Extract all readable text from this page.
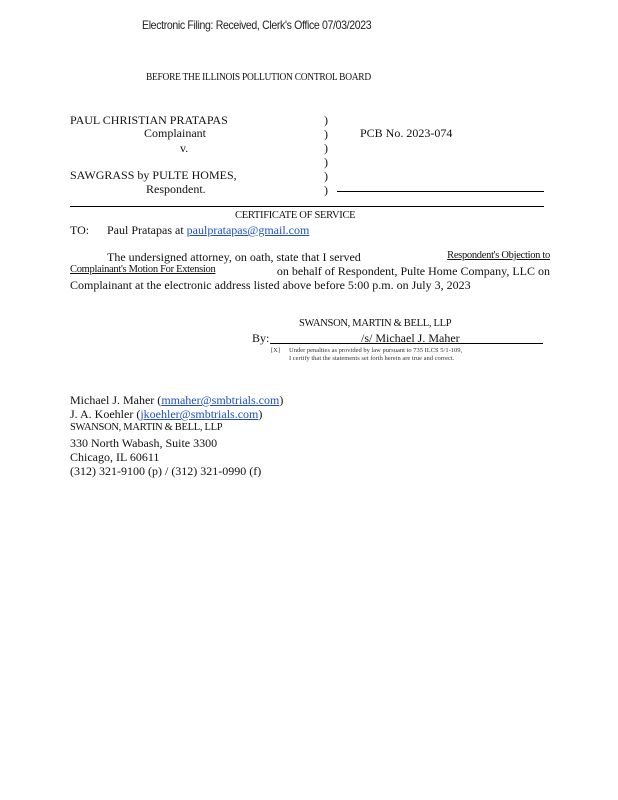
Electronic Filing: Received, Clerk's Office 07/03/2023
BEFORE THE ILLINOIS POLLUTION CONTROL BOARD
PAUL CHRISTIAN PRATAPAS
Complainant
v.
SAWGRASS by PULTE HOMES,
Respondent.
)
)
)
)
)
)
PCB No. 2023-074
CERTIFICATE OF SERVICE
TO: Paul Pratapas at paulpratapas@gmail.com
The undersigned attorney, on oath, state that I served	Respondent's Objection to
Complainant's Motion For Extension	on behalf of Respondent, Pulte Home Company, LLC on
Complainant at the electronic address listed above before 5:00 p.m. on July 3, 2023
SWANSON, MARTIN & BELL, LLP
By:	/s/ Michael J. Maher
[X] Under penalties as provided by law pursuant to 735 ILCS 5/1-109,
I certify that the statements set forth herein are true and correct.
Michael J. Maher (mmaher@smbtrials.com)
J. A. Koehler (jkoehler@smbtrials.com)
SWANSON, MARTIN & BELL, LLP
330 North Wabash, Suite 3300
Chicago, IL 60611
(312) 321-9100 (p) / (312) 321-0990 (f)
